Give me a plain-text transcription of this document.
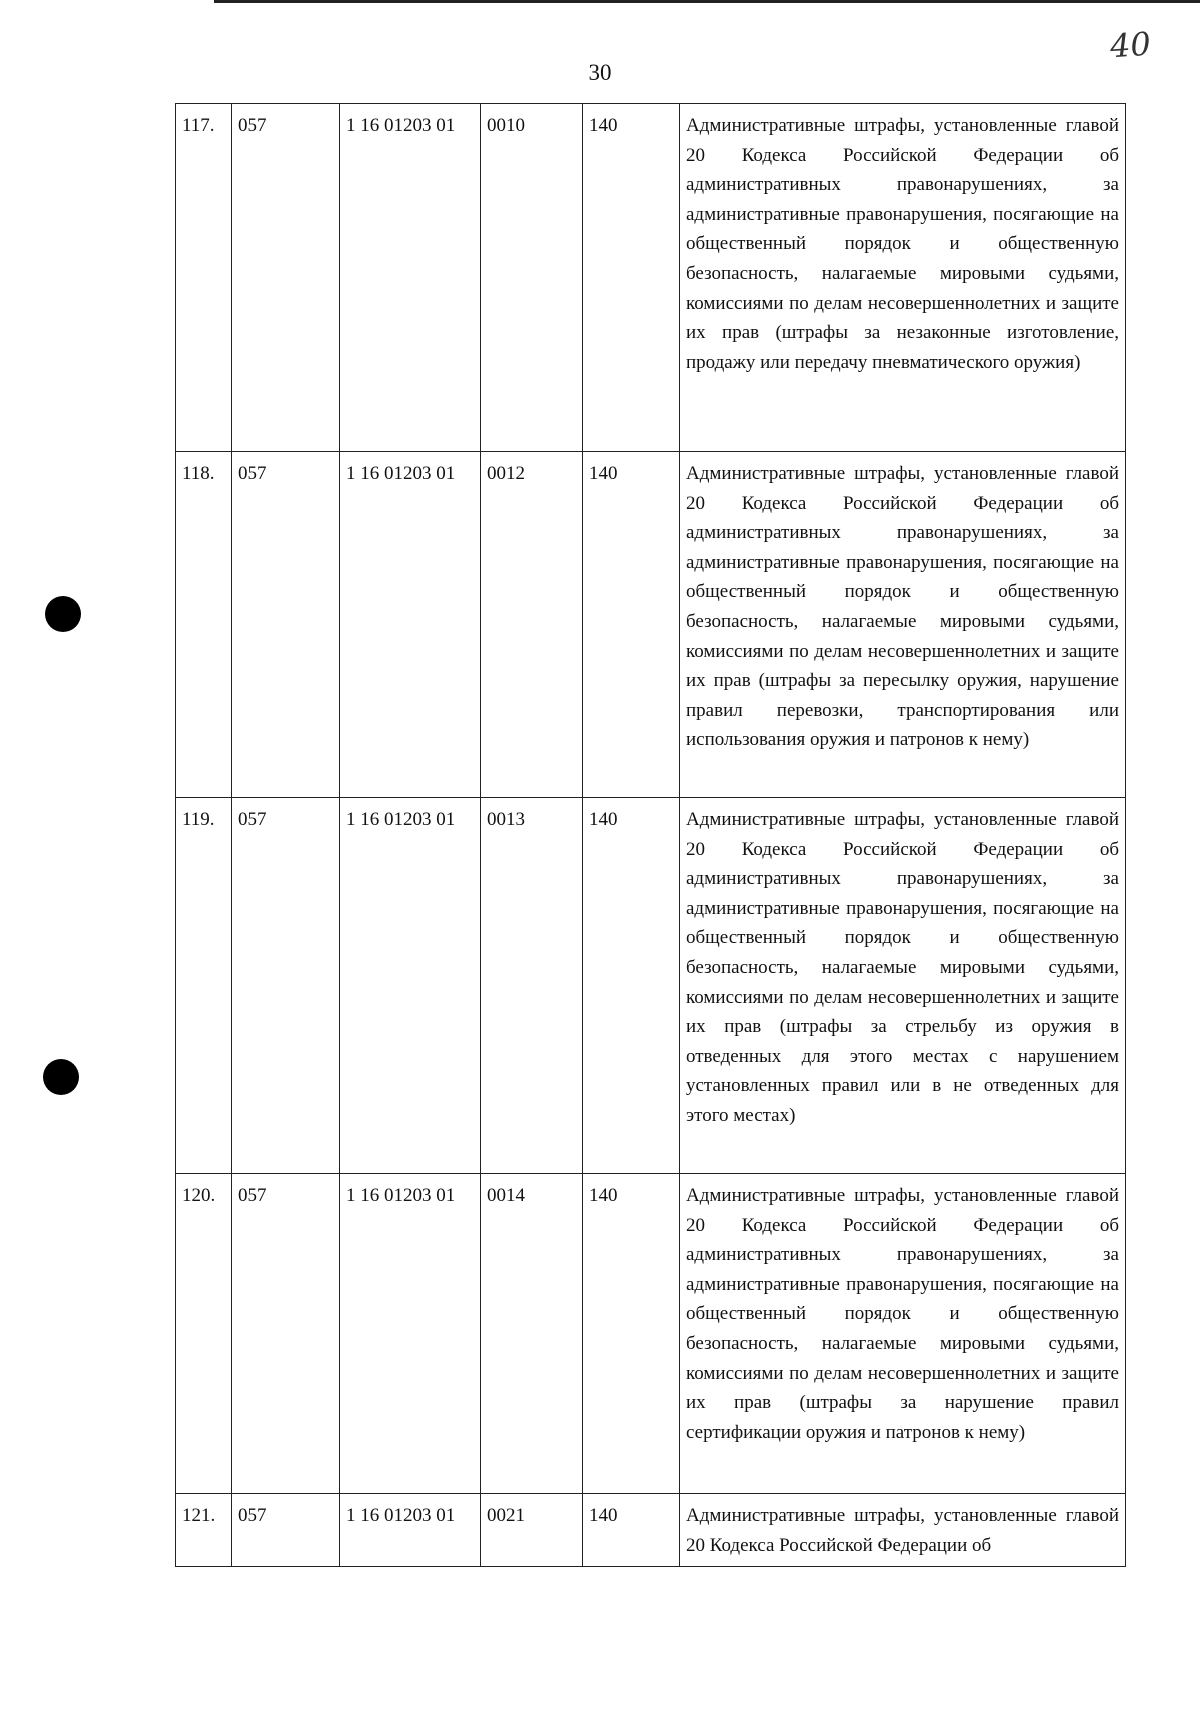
30
40
117.	057	1 16 01203 01	0010	140	Административные штрафы, установленные главой 20 Кодекса Российской Федерации об административных правонарушениях, за административные правонарушения, посягающие на общественный порядок и общественную безопасность, налагаемые мировыми судьями, комиссиями по делам несовершеннолетних и защите их прав (штрафы за незаконные изготовление, продажу или передачу пневматического оружия)
118.	057	1 16 01203 01	0012	140	Административные штрафы, установленные главой 20 Кодекса Российской Федерации об административных правонарушениях, за административные правонарушения, посягающие на общественный порядок и общественную безопасность, налагаемые мировыми судьями, комиссиями по делам несовершеннолетних и защите их прав (штрафы за пересылку оружия, нарушение правил перевозки, транспортирования или использования оружия и патронов к нему)
119.	057	1 16 01203 01	0013	140	Административные штрафы, установленные главой 20 Кодекса Российской Федерации об административных правонарушениях, за административные правонарушения, посягающие на общественный порядок и общественную безопасность, налагаемые мировыми судьями, комиссиями по делам несовершеннолетних и защите их прав (штрафы за стрельбу из оружия в отведенных для этого местах с нарушением установленных правил или в не отведенных для этого местах)
120.	057	1 16 01203 01	0014	140	Административные штрафы, установленные главой 20 Кодекса Российской Федерации об административных правонарушениях, за административные правонарушения, посягающие на общественный порядок и общественную безопасность, налагаемые мировыми судьями, комиссиями по делам несовершеннолетних и защите их прав (штрафы за нарушение правил сертификации оружия и патронов к нему)
121.	057	1 16 01203 01	0021	140	Административные штрафы, установленные главой 20 Кодекса Российской Федерации об
